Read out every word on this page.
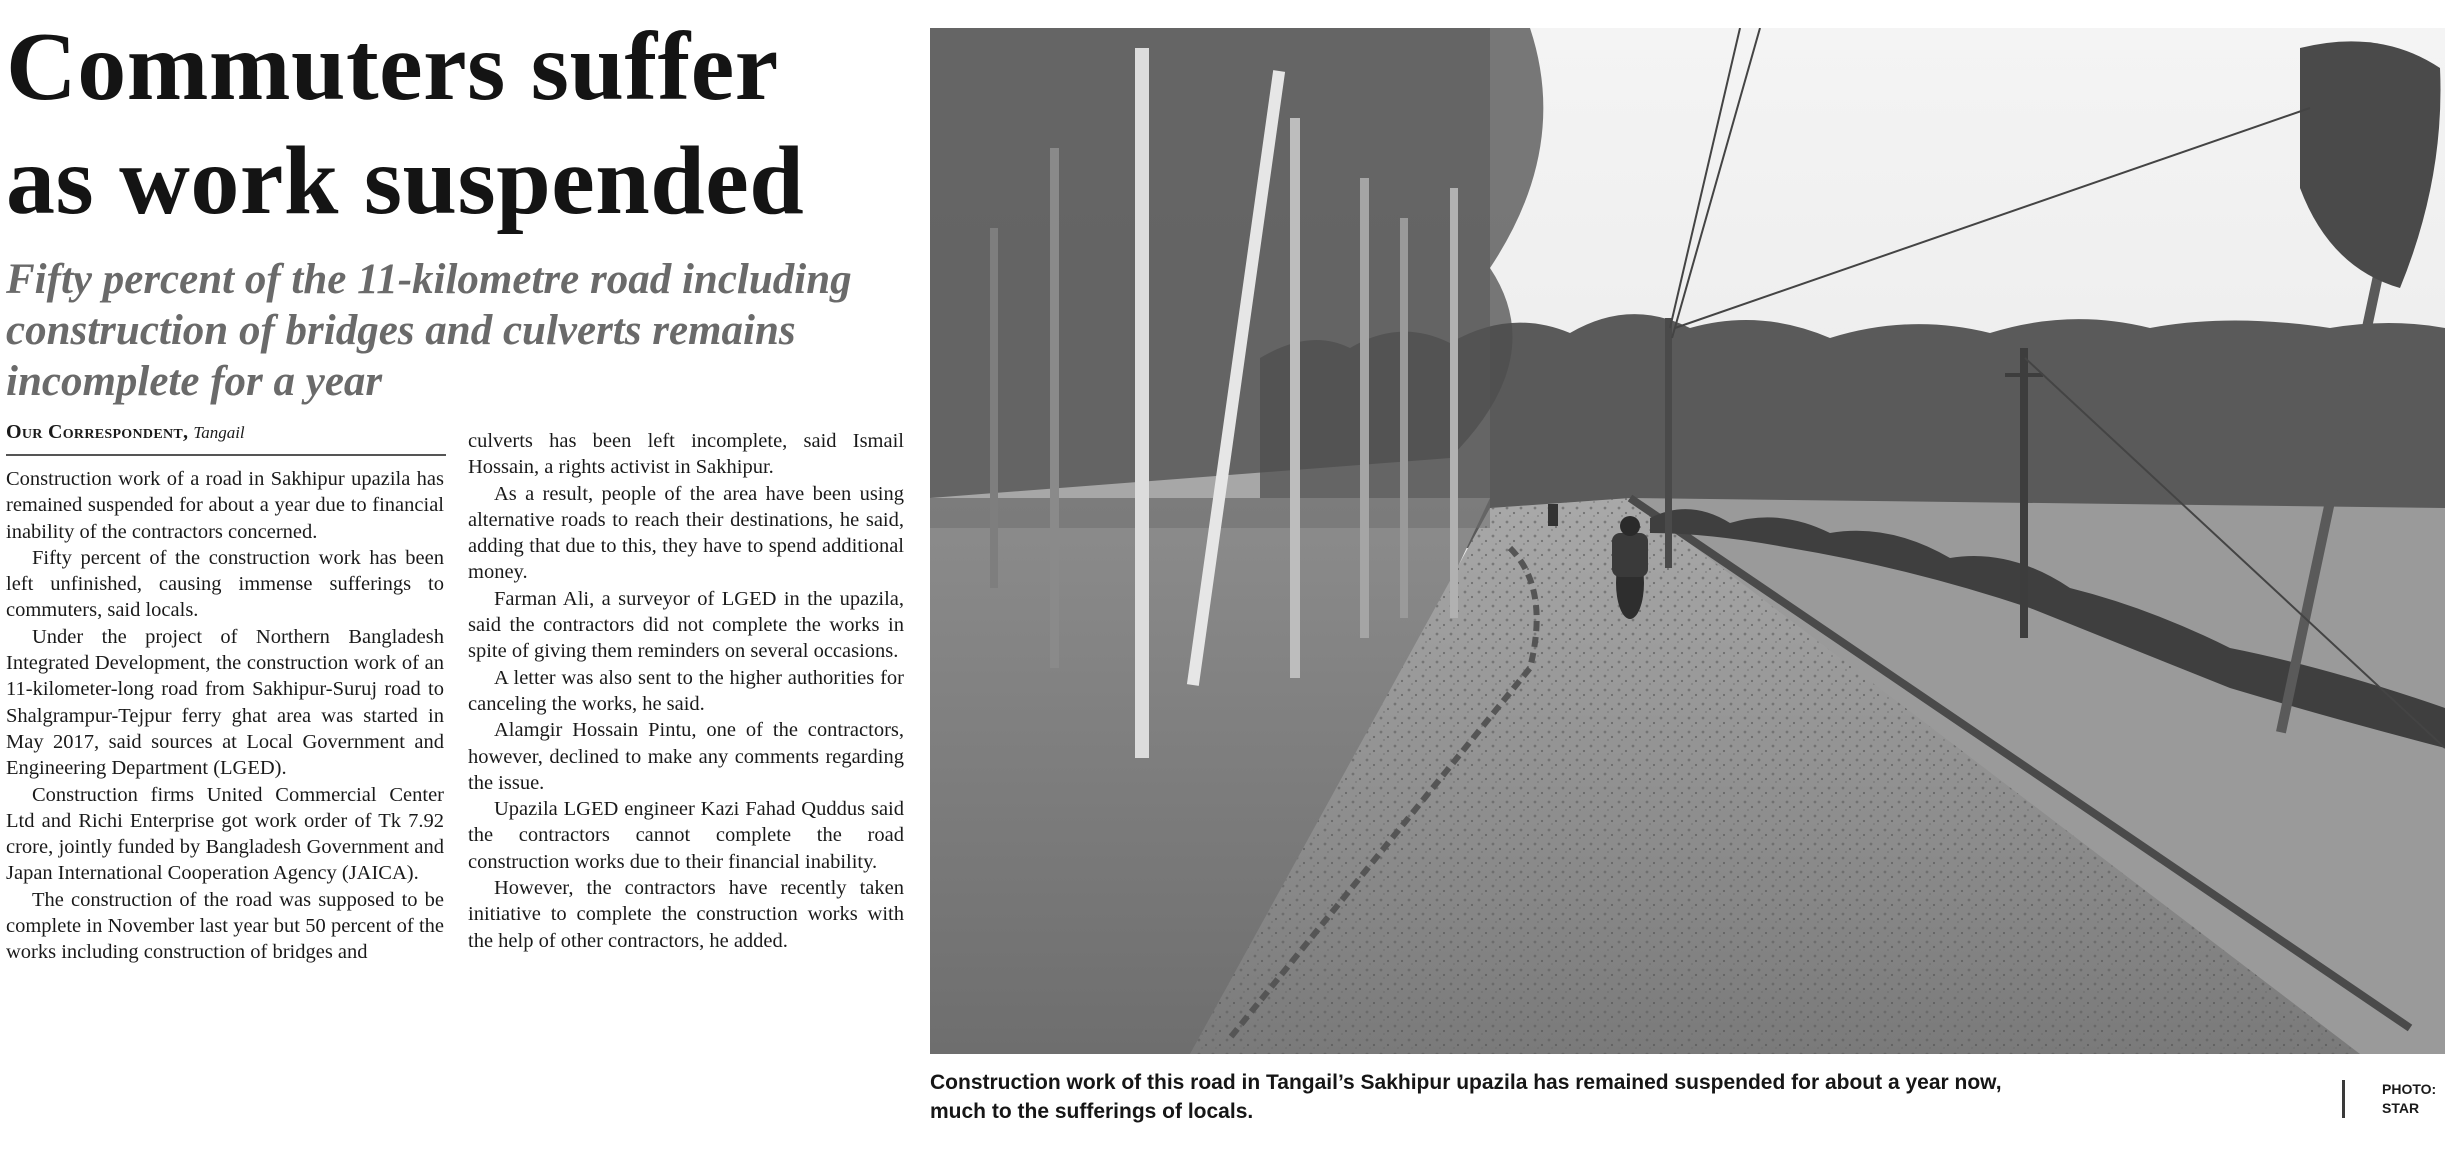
Commuters suffer
as work suspended

Fifty percent of the 11-kilometre road including construction of bridges and culverts remains incomplete for a year

Our Correspondent, Tangail

Construction work of a road in Sakhipur upazila has remained suspended for about a year due to financial inability of the contractors concerned.

Fifty percent of the construction work has been left unfinished, causing immense sufferings to commuters, said locals.

Under the project of Northern Bangladesh Integrated Development, the construction work of an 11-kilometer-long road from Sakhipur-Suruj road to Shalgrampur-Tejpur ferry ghat area was started in May 2017, said sources at Local Government and Engineering Department (LGED).

Construction firms United Commercial Center Ltd and Richi Enterprise got work order of Tk 7.92 crore, jointly funded by Bangladesh Government and Japan International Cooperation Agency (JAICA).

The construction of the road was supposed to be complete in November last year but 50 percent of the works including construction of bridges and

culverts has been left incomplete, said Ismail Hossain, a rights activist in Sakhipur.

As a result, people of the area have been using alternative roads to reach their destinations, he said, adding that due to this, they have to spend additional money.

Farman Ali, a surveyor of LGED in the upazila, said the contractors did not complete the works in spite of giving them reminders on several occasions.

A letter was also sent to the higher authorities for canceling the works, he said.

Alamgir Hossain Pintu, one of the contractors, however, declined to make any comments regarding the issue.

Upazila LGED engineer Kazi Fahad Quddus said the contractors cannot complete the road construction works due to their financial inability.

However, the contractors have recently taken initiative to complete the construction works with the help of other contractors, he added.

Construction work of this road in Tangail’s Sakhipur upazila has remained suspended for about a year now,
much to the sufferings of locals.

PHOTO:
STAR
